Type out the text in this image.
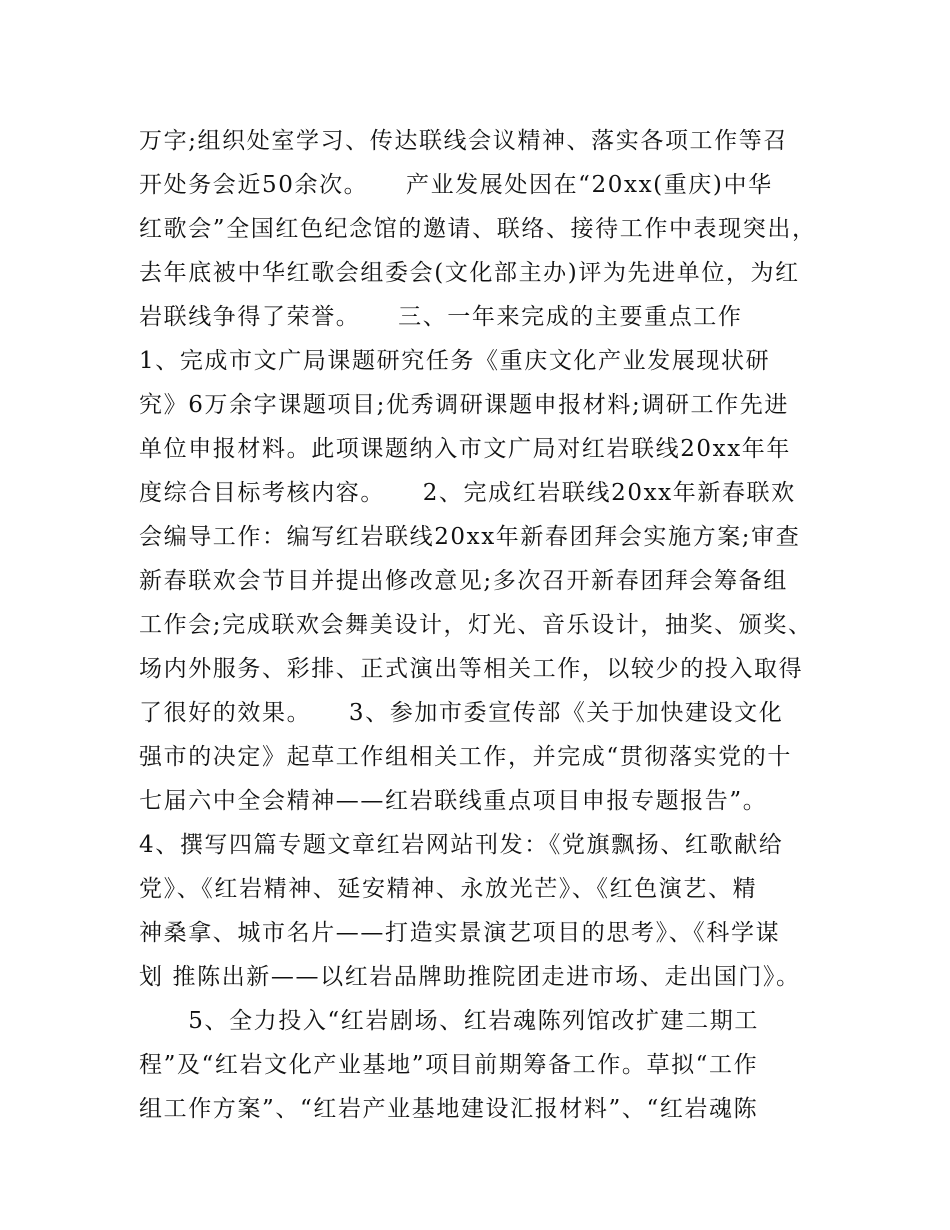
万字;组织处室学习、传达联线会议精神、落实各项工作等召
开处务会近50余次。　　产业发展处因在“20xx(重庆)中华
红歌会”全国红色纪念馆的邀请、联络、接待工作中表现突出，
去年底被中华红歌会组委会(文化部主办)评为先进单位，为红
岩联线争得了荣誉。　　三、一年来完成的主要重点工作
1、完成市文广局课题研究任务《重庆文化产业发展现状研
究》6万余字课题项目;优秀调研课题申报材料;调研工作先进
单位申报材料。此项课题纳入市文广局对红岩联线20xx年年
度综合目标考核内容。　　2、完成红岩联线20xx年新春联欢
会编导工作：编写红岩联线20xx年新春团拜会实施方案;审查
新春联欢会节目并提出修改意见;多次召开新春团拜会筹备组
工作会;完成联欢会舞美设计，灯光、音乐设计，抽奖、颁奖、
场内外服务、彩排、正式演出等相关工作，以较少的投入取得
了很好的效果。　　3、参加市委宣传部《关于加快建设文化
强市的决定》起草工作组相关工作，并完成“贯彻落实党的十
七届六中全会精神——红岩联线重点项目申报专题报告”。
4、撰写四篇专题文章红岩网站刊发：《党旗飘扬、红歌献给
党》、《红岩精神、延安精神、永放光芒》、《红色演艺、精
神桑拿、城市名片——打造实景演艺项目的思考》、《科学谋
划 推陈出新——以红岩品牌助推院团走进市场、走出国门》。
　　5、全力投入“红岩剧场、红岩魂陈列馆改扩建二期工
程”及“红岩文化产业基地”项目前期筹备工作。草拟“工作
组工作方案”、“红岩产业基地建设汇报材料”、“红岩魂陈
